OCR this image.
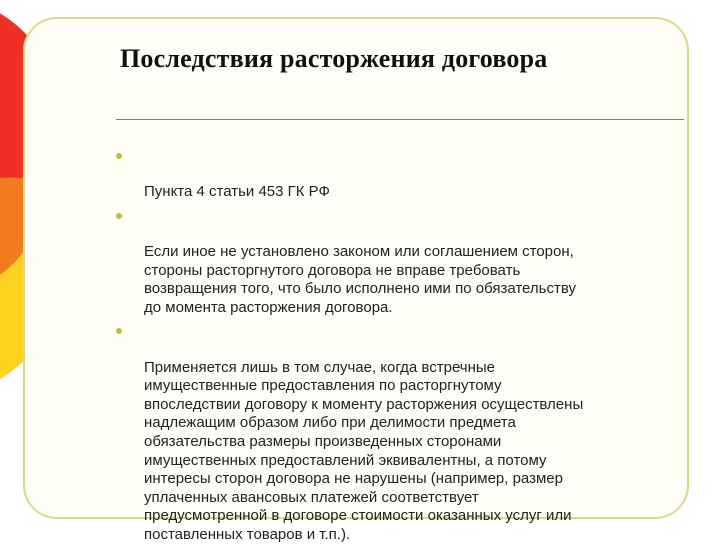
Последствия расторжения договора

Пункта 4 статьи 453 ГК РФ

Если иное не установлено законом или соглашением сторон,
стороны расторгнутого договора не вправе требовать
возвращения того, что было исполнено ими по обязательству
до момента расторжения договора.

Применяется лишь в том случае, когда встречные
имущественные предоставления по расторгнутому
впоследствии договору к моменту расторжения осуществлены
надлежащим образом либо при делимости предмета
обязательства размеры произведенных сторонами
имущественных предоставлений эквивалентны, а потому
интересы сторон договора не нарушены (например, размер
уплаченных авансовых платежей соответствует
предусмотренной в договоре стоимости оказанных услуг или
поставленных товаров и т.п.).
